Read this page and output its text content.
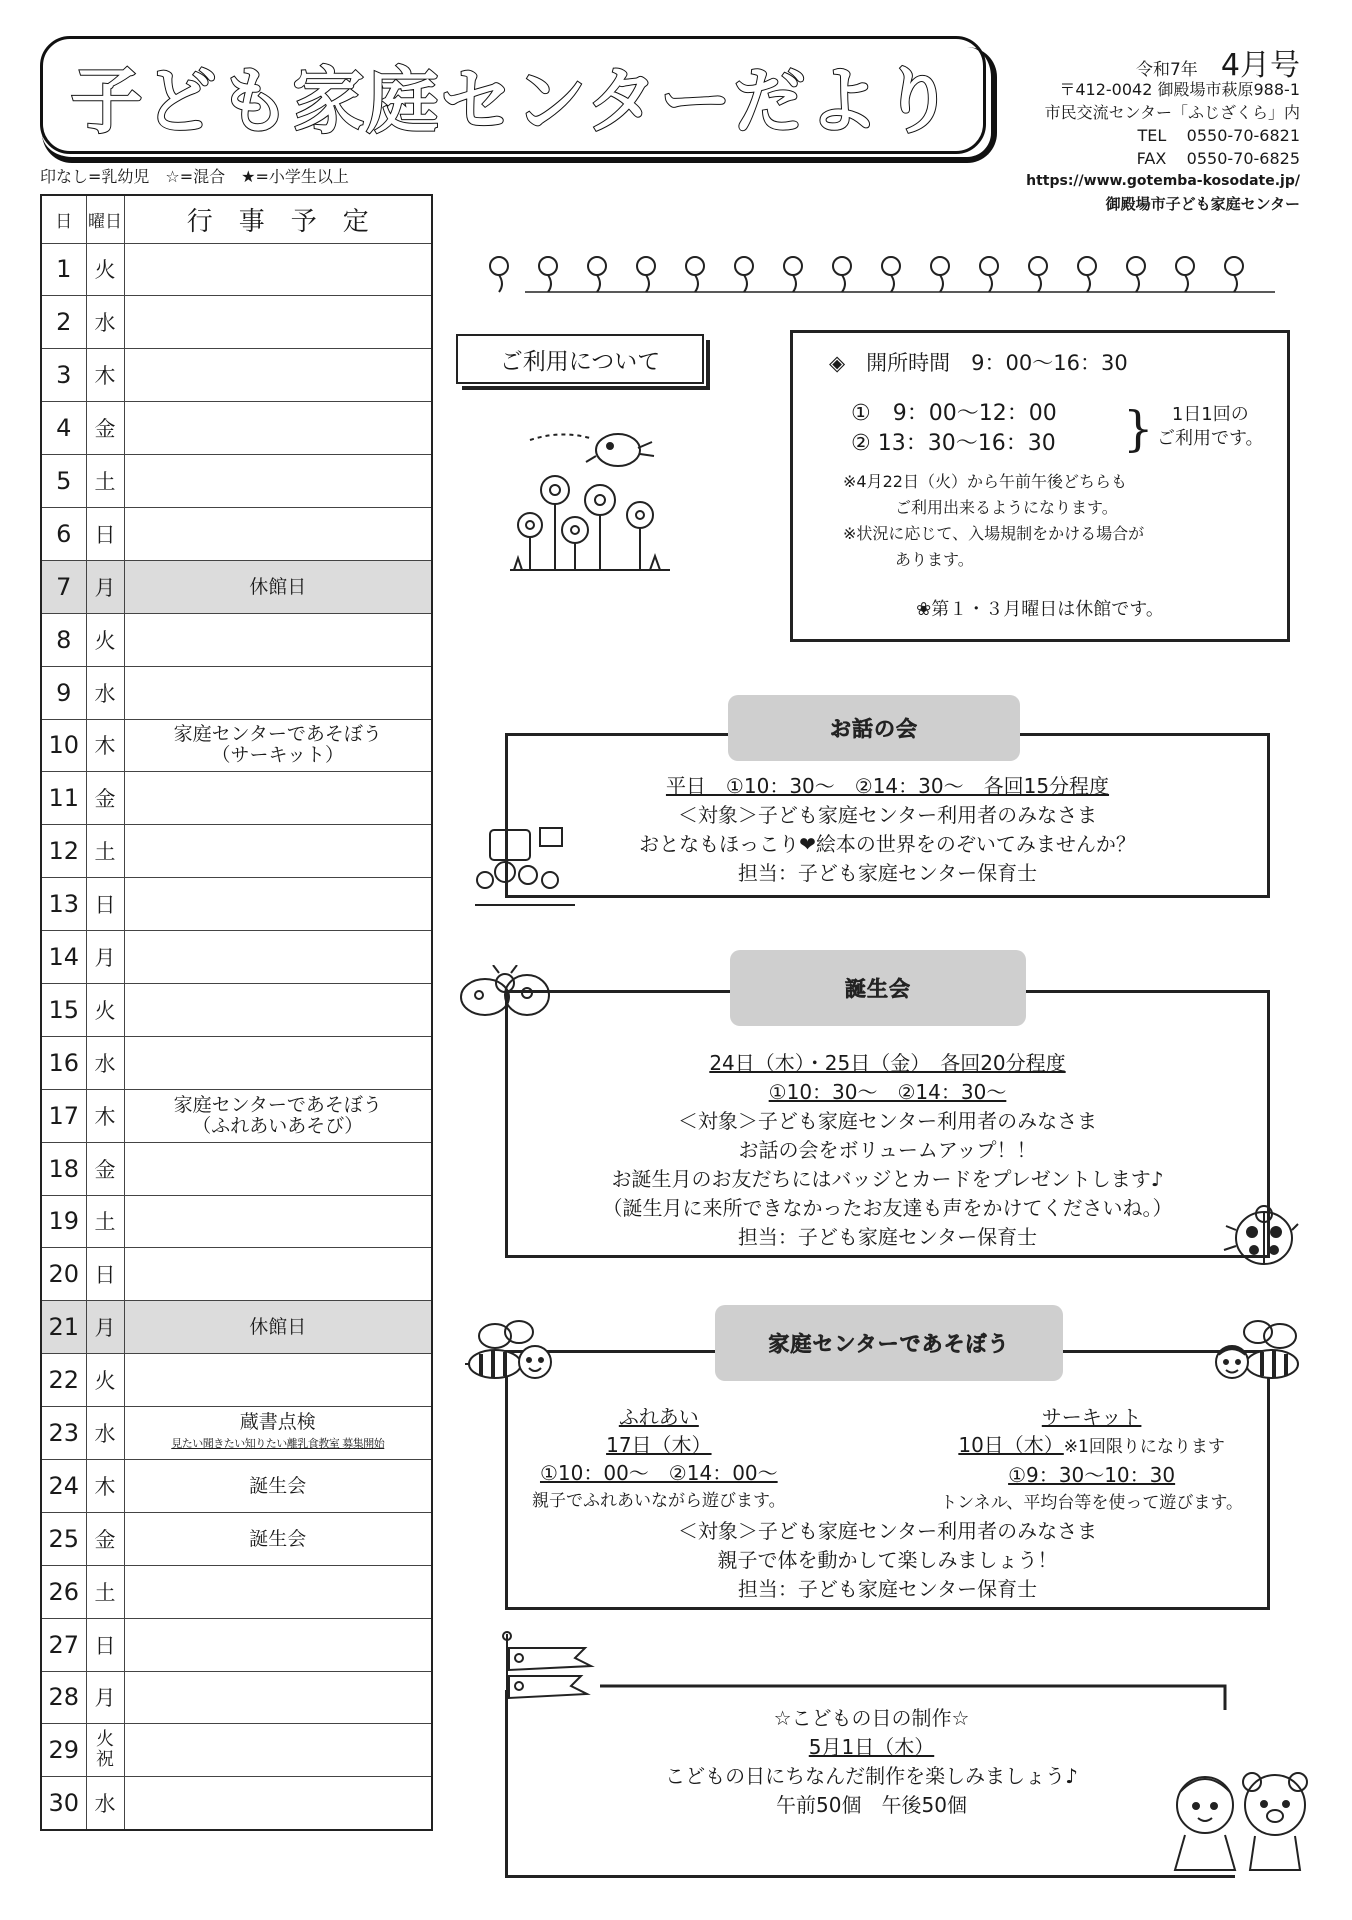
子ども家庭センターだより	令和7年 4月号
〒412-0042 御殿場市萩原988-1
市民交流センター「ふじざくら」内
TEL 0550-70-6821
FAX 0550-70-6825
https://www.gotemba-kosodate.jp/
御殿場市子ども家庭センター
印なし=乳幼児　☆=混合　★=小学生以上
日	曜日	行事予定
1	火	
2	水	
3	木	
4	金	
5	土	
6	日	
7	月	休館日
8	火	
9	水	
10	木	家庭センターであそぼう
（サーキット）

11	金	
12	土	
13	日	
14	月	
15	火	
16	水	
17	木	家庭センターであそぼう
（ふれあいあそび）

18	金	
19	土	
20	日	
21	月	休館日
22	火	
23	水	蔵書点検
見たい聞きたい知りたい離乳食教室 募集開始

24	木	誕生会
25	金	誕生会
26	土	
27	日	
28	月	
29	火
祝	

30	水	
ご利用について	◈　開所時間　9：00〜16：30
①　9：00〜12：00
② 13：30〜16：30	}	1日1回の
ご利用です。
※4月22日（火）から午前午後どちらも
ご利用出来るようになります。
※状況に応じて、入場規制をかける場合が
あります。
❀第１・３月曜日は休館です。
平日　①10：30〜　②14：30〜　各回15分程度
＜対象＞子ども家庭センター利用者のみなさま
おとなもほっこり❤絵本の世界をのぞいてみませんか？
担当：子ども家庭センター保育士
お話の会
24日（木）・25日（金）　各回20分程度
①10：30〜　②14：30〜
＜対象＞子ども家庭センター利用者のみなさま
お話の会をボリュームアップ！！
お誕生月のお友だちにはバッジとカードをプレゼントします♪
（誕生月に来所できなかったお友達も声をかけてくださいね。）
担当：子ども家庭センター保育士
誕生会
ふれあい
17日（木）
①10：00〜　②14：00〜
親子でふれあいながら遊びます。
サーキット
10日（木）※1回限りになります
①9：30〜10：30
トンネル、平均台等を使って遊びます。
＜対象＞子ども家庭センター利用者のみなさま
親子で体を動かして楽しみましょう！
担当：子ども家庭センター保育士
家庭センターであそぼう
☆こどもの日の制作☆
5月1日（木）
こどもの日にちなんだ制作を楽しみましょう♪
午前50個　午後50個
